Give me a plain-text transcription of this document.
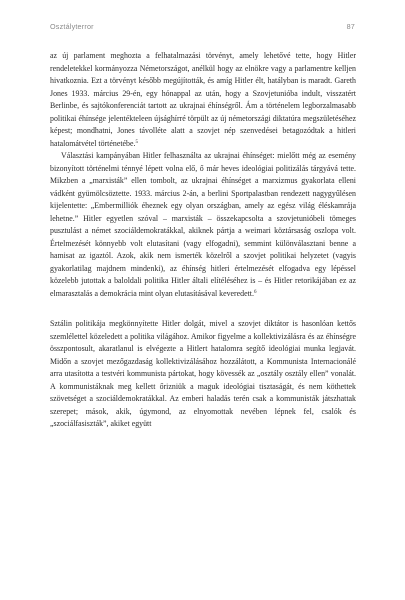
Osztályterror	87

az új parlament meghozta a felhatalmazási törvényt, amely lehetővé tette, hogy Hitler rendeletekkel kormányozza Németországot, anélkül hogy az elnökre vagy a parlamentre kelljen hivatkoznia. Ezt a törvényt később megújították, és amíg Hitler élt, hatályban is maradt. Gareth Jones 1933. március 29-én, egy hónappal az után, hogy a Szovjetunióba indult, visszatért Berlinbe, és sajtókonferenciát tartott az ukrajnai éhínségről. Ám a történelem legborzalmasabb politikai éhínsége jelentékteleen újsághírré törpült az új németországi diktatúra megszületéséhez képest; mondhatni, Jones távollétе alatt a szovjet nép szenvedései betagozódtak a hitleri hatalomátvétel történetébe.$^5$

Választási kampányában Hitler felhasználta az ukrajnai éhínséget: mielőtt még az esemény bizonyított történelmi ténnyé lépett volna elő, ő már heves ideológiai politizálás tárgyává tette. Mikzben a „marxisták” ellen tombolt, az ukrajnai éhínséget a marxizmus gyakorlata elleni vádként gyümölcsöztette. 1933. március 2-án, a berlini Sportpalastban rendezett nagygyűlésen kijelentette: „Embermilliók éheznek egy olyan országban, amely az egész világ éléskamrája lehetne.” Hitler egyetlen szóval – marxisták – összekapcsolta a szovjetunióbeli tömeges pusztulást a német szociáldemokratákkal, akiknek pártja a weimari köztársaság oszlopa volt. Értelmezését könnyebb volt elutasítani (vagy elfogadni), semmint különválasztani benne a hamisat az igaztól. Azok, akik nem ismerték közelről a szovjet politikai helyzetet (vagyis gyakorlatilag majdnem mindenki), az éhínség hitleri értelmezését elfogadva egy lépéssel közelebb jutottak a baloldali politika Hitler általi elítéléséhez is – és Hitler retorikájában ez az elmarasztalás a demokrácia mint olyan elutasításával keveredett.$^6$

Sztálin politikája megkönnyítette Hitler dolgát, mivel a szovjet diktátor is hasonlóan kettős szemlélettel közeledett a politika világához. Amikor figyelme a kollektivizálásra és az éhínségre összpontosult, akaratlanul is elvégezte a Hitlert hatalomra segítő ideológiai munka legjavát. Midőn a szovjet mezőgazdaság kollektivizálásához hozzálátott, a Kommunista Internacionálé arra utasította a testvéri kommunista pártokat, hogy kövessék az „osztály osztály ellen” vonalát. A kommunistáknak meg kellett őrizniük a maguk ideológiai tisztaságát, és nem köthettek szövetséget a szociáldemokratákkal. Az emberi haladás terén csak a kommunisták játszhattak szerepet; mások, akik, úgymond, az elnyomottak nevében lépnek fel, csalók és „szociálfasiszták”, akiket együtt
